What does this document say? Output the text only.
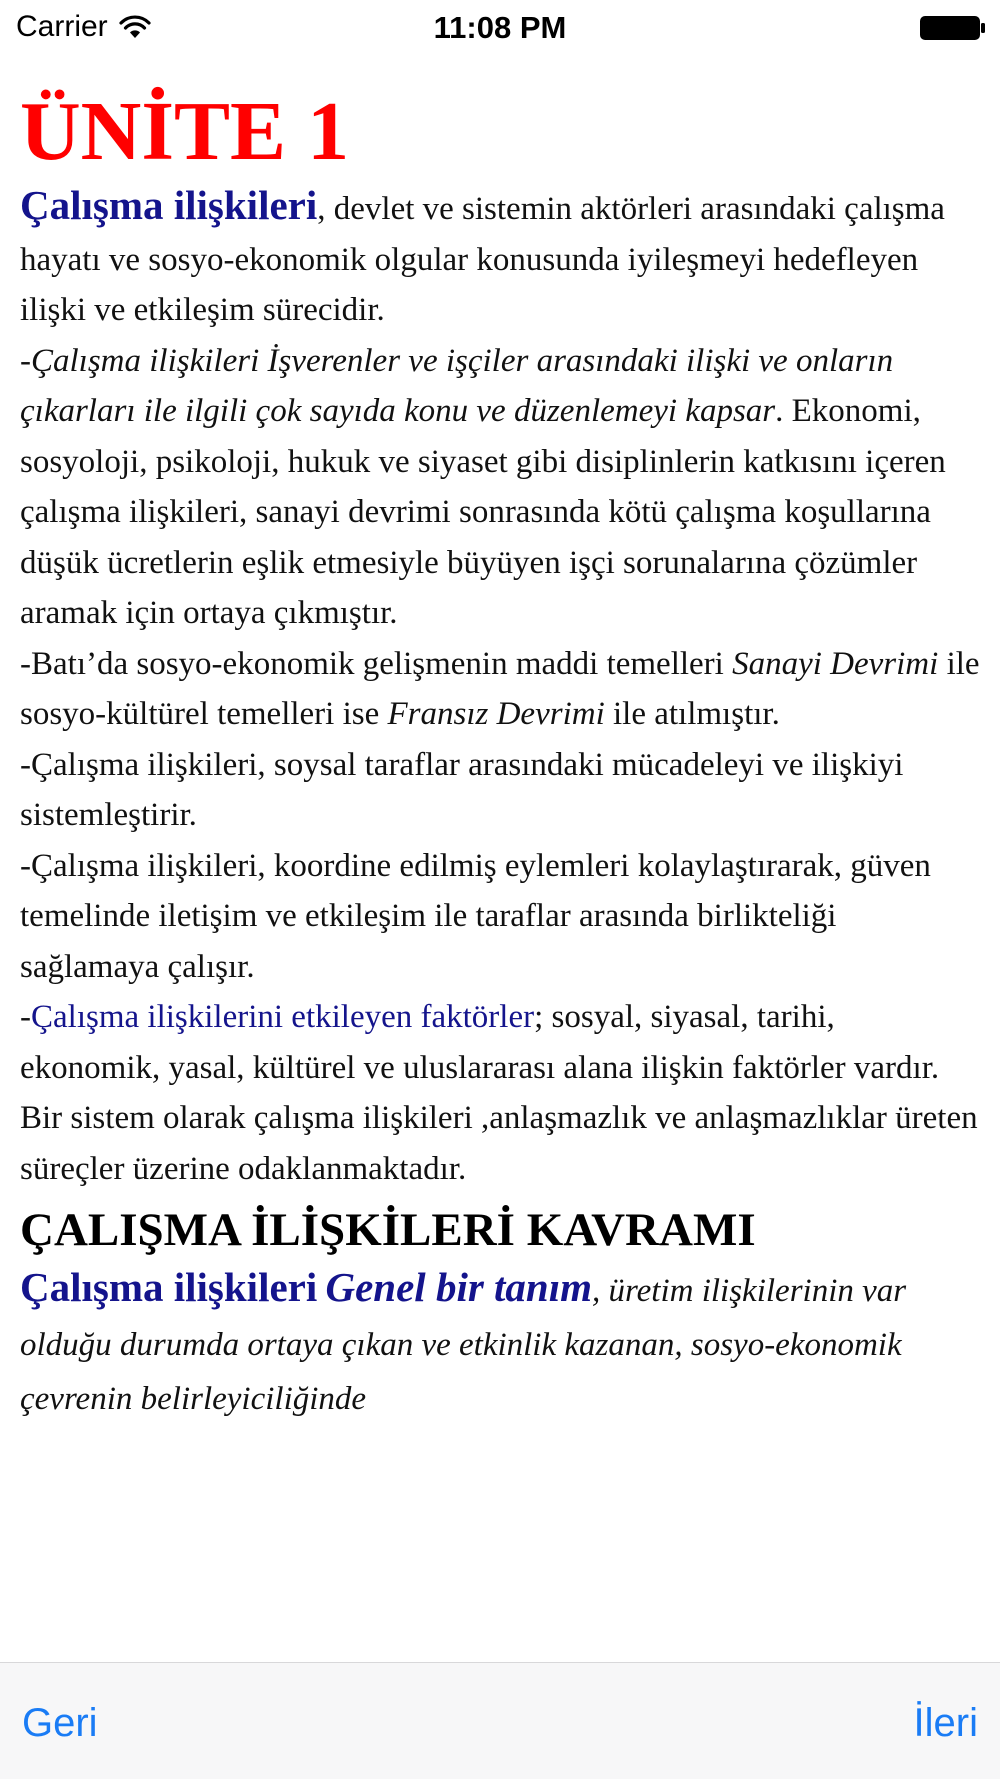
Carrier	11:08 PM
ÜNİTE 1

Çalışma ilişkileri, devlet ve sistemin aktörleri arasındaki çalışma hayatı ve sosyo-ekonomik olgular konusunda iyileşmeyi hedefleyen ilişki ve etkileşim sürecidir.

-Çalışma ilişkileri İşverenler ve işçiler arasındaki ilişki ve onların çıkarları ile ilgili çok sayıda konu ve düzenlemeyi kapsar. Ekonomi, sosyoloji, psikoloji, hukuk ve siyaset gibi disiplinlerin katkısını içeren çalışma ilişkileri, sanayi devrimi sonrasında kötü çalışma koşullarına düşük ücretlerin eşlik etmesiyle büyüyen işçi sorunalarına çözümler aramak için ortaya çıkmıştır.

-Batı’da sosyo-ekonomik gelişmenin maddi temelleri Sanayi Devrimi ile sosyo-kültürel temelleri ise Fransız Devrimi ile atılmıştır.

-Çalışma ilişkileri, soysal taraflar arasındaki mücadeleyi ve ilişkiyi sistemleştirir.

-Çalışma ilişkileri, koordine edilmiş eylemleri kolaylaştırarak, güven temelinde iletişim ve etkileşim ile taraflar arasında birlikteliği sağlamaya çalışır.

-Çalışma ilişkilerini etkileyen faktörler; sosyal, siyasal, tarihi, ekonomik, yasal, kültürel ve uluslararası alana ilişkin faktörler vardır. Bir sistem olarak çalışma ilişkileri ,anlaşmazlık ve anlaşmazlıklar üreten süreçler üzerine odaklanmaktadır.

ÇALIŞMA İLİŞKİLERİ KAVRAMI

Çalışma ilişkileri Genel bir tanım, üretim ilişkilerinin var olduğu durumda ortaya çıkan ve etkinlik kazanan, sosyo-ekonomik çevrenin belirleyiciliğinde

Geri	İleri
